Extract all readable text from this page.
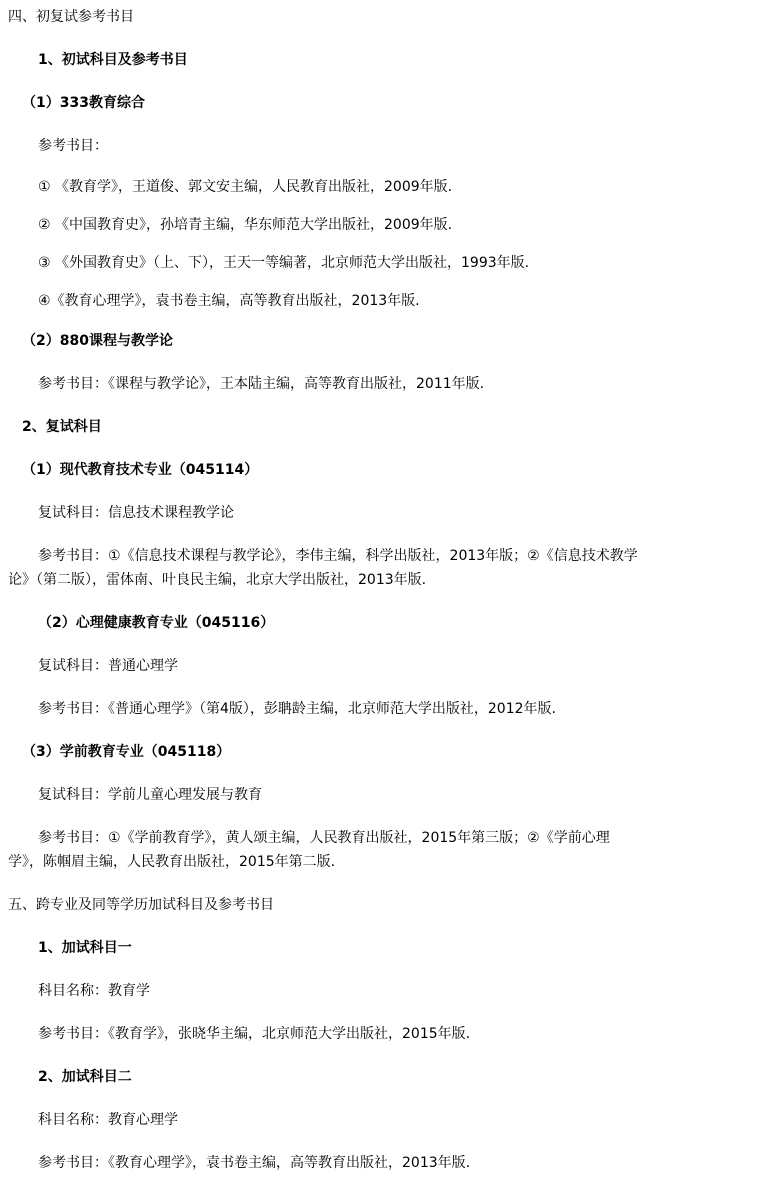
四、初复试参考书目
1、初试科目及参考书目
（1）333教育综合
参考书目：
① 《教育学》，王道俊、郭文安主编，人民教育出版社，2009年版.
② 《中国教育史》，孙培青主编，华东师范大学出版社，2009年版.
③ 《外国教育史》（上、下），王天一等编著，北京师范大学出版社，1993年版.
④《教育心理学》，袁书卷主编，高等教育出版社，2013年版.
（2）880课程与教学论
参考书目：《课程与教学论》，王本陆主编，高等教育出版社，2011年版.
2、复试科目
（1）现代教育技术专业（045114）
复试科目：信息技术课程教学论
参考书目：①《信息技术课程与教学论》，李伟主编，科学出版社，2013年版；②《信息技术教学
论》（第二版），雷体南、叶良民主编，北京大学出版社，2013年版.
（2）心理健康教育专业（045116）
复试科目：普通心理学
参考书目：《普通心理学》（第4版），彭聃龄主编，北京师范大学出版社，2012年版.
（3）学前教育专业（045118）
复试科目：学前儿童心理发展与教育
参考书目：①《学前教育学》，黄人颂主编，人民教育出版社，2015年第三版；②《学前心理
学》，陈帼眉主编，人民教育出版社，2015年第二版.
五、跨专业及同等学历加试科目及参考书目
1、加试科目一
科目名称：教育学
参考书目：《教育学》，张晓华主编，北京师范大学出版社，2015年版.
2、加试科目二
科目名称：教育心理学
参考书目：《教育心理学》，袁书卷主编，高等教育出版社，2013年版.
